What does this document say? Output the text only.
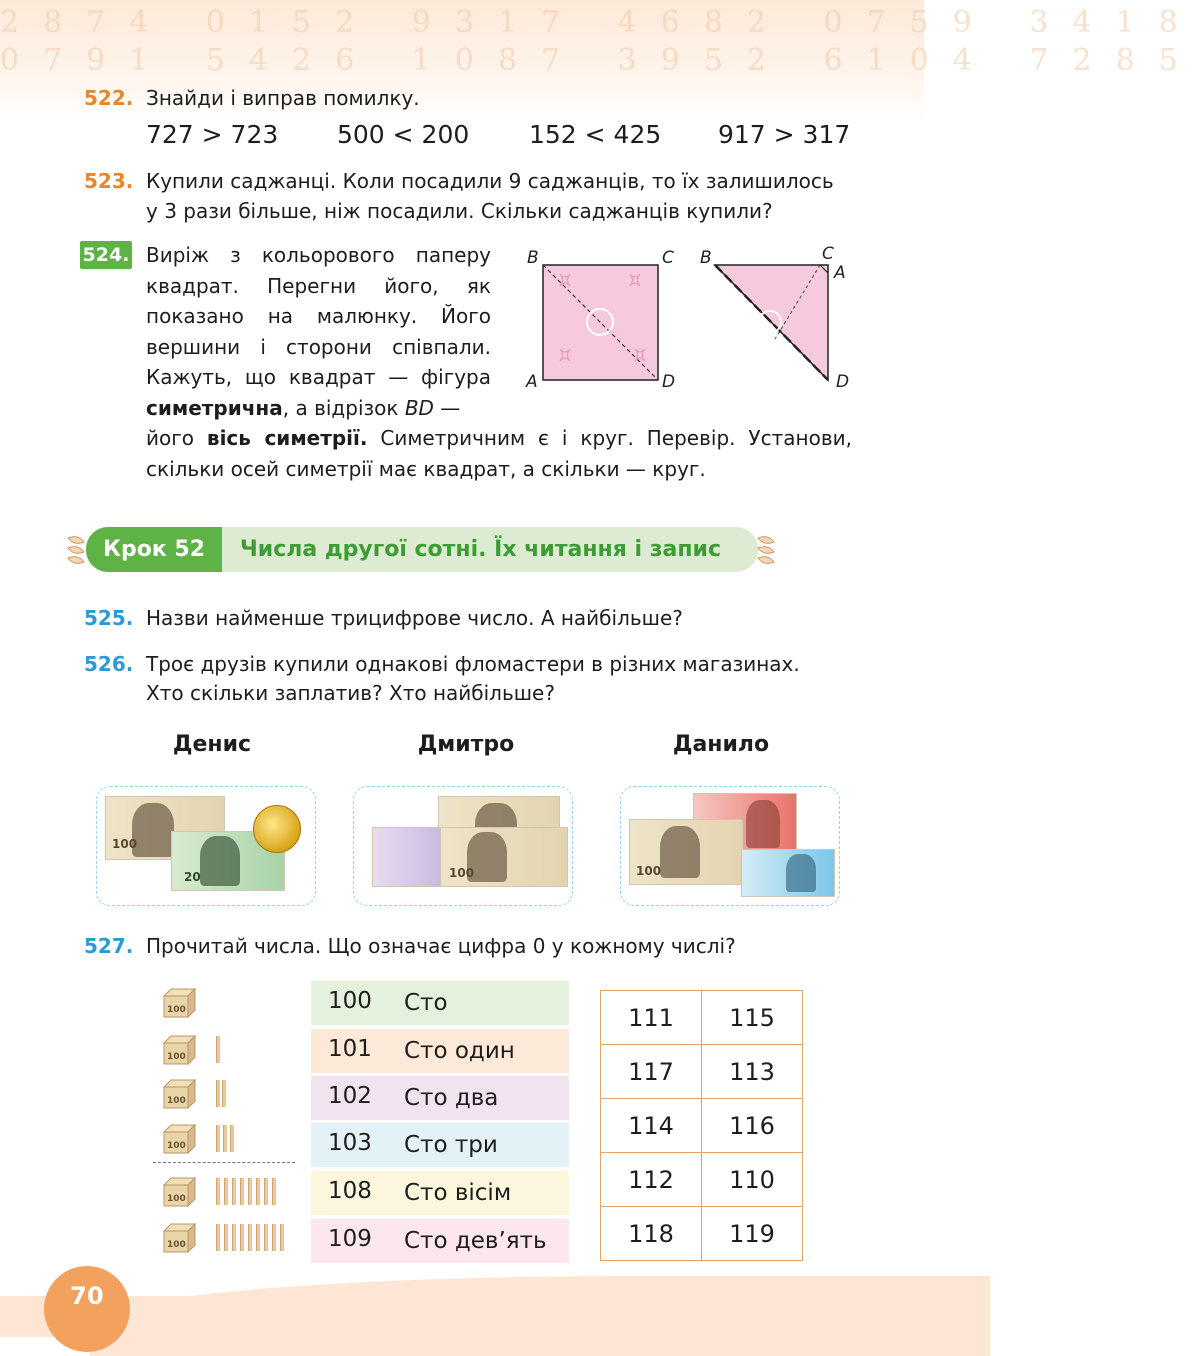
2874 0152 9317 4682 0759 3418
0791 5426 1087 3952 6104 7285
522. Знайди і виправ помилку.
727 > 723 500 < 200 152 < 425 917 > 317
523. Купили саджанці. Коли посадили 9 саджанців, то їх залишилось
у 3 рази більше, ніж посадили. Скільки саджанців купили?
524. Виріж з кольорового паперу
квадрат. Перегни його, як
показано на малюнку. Його
вершини і сторони співпали.
Кажуть, що квадрат — фігура
симетрична, а відрізок BD —
його вісь симетрії. Симетричним є і круг. Перевір. Установи,
скільки осей симетрії має квадрат, а скільки — круг.
B	C
A	D
B	C
A
D
Крок 52	Числа другої сотні. Їх читання і запис
525. Назви найменше трицифрове число. А найбільше?
526. Троє друзів купили однакові фломастери в різних магазинах.
Хто скільки заплатив? Хто найбільше?
Денис	Дмитро	Данило
100
20	100	100
527. Прочитай числа. Що означає цифра 0 у кожному числі?
100
100
100
100
100
100
100 Сто
101 Сто один
102 Сто два
103 Сто три
108 Сто вісім
109 Сто дев’ять
111	115
117	113
114	116
112	110
118	119
70
